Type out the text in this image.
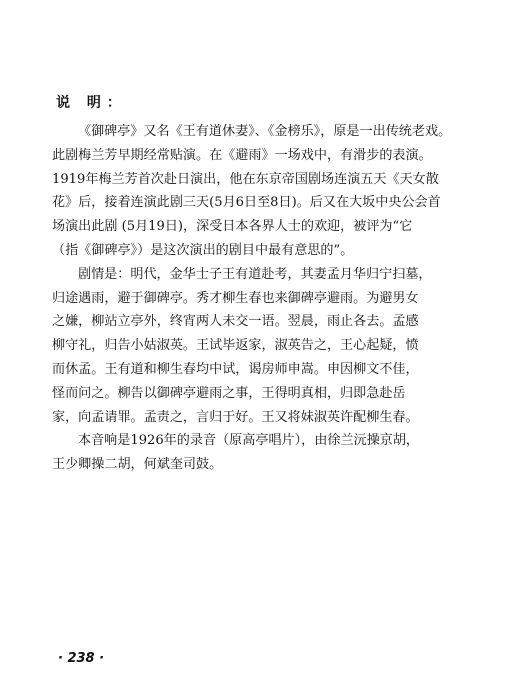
说 明：
《御碑亭》又名《王有道休妻》、《金榜乐》，原是一出传统老戏。
此剧梅兰芳早期经常贴演。在《避雨》一场戏中，有滑步的表演。
1919年梅兰芳首次赴日演出，他在东京帝国剧场连演五天《天女散
花》后，接着连演此剧三天(5月6日至8日)。后又在大坂中央公会首
场演出此剧 (5月19日)，深受日本各界人士的欢迎，被评为“它
（指《御碑亭》）是这次演出的剧目中最有意思的”。
剧情是：明代，金华士子王有道赴考，其妻孟月华归宁扫墓，
归途遇雨，避于御碑亭。秀才柳生春也来御碑亭避雨。为避男女
之嫌，柳站立亭外，终宵两人未交一语。翌晨，雨止各去。孟感
柳守礼，归告小姑淑英。王试毕返家，淑英告之，王心起疑，愤
而休孟。王有道和柳生春均中试，谒房师申嵩。申因柳文不佳，
怪而问之。柳告以御碑亭避雨之事，王得明真相，归即急赴岳
家，向孟请罪。孟责之，言归于好。王又将妹淑英许配柳生春。
本音响是1926年的录音（原高亭唱片），由徐兰沅操京胡，
王少卿操二胡，何斌奎司鼓。
· 238 ·
